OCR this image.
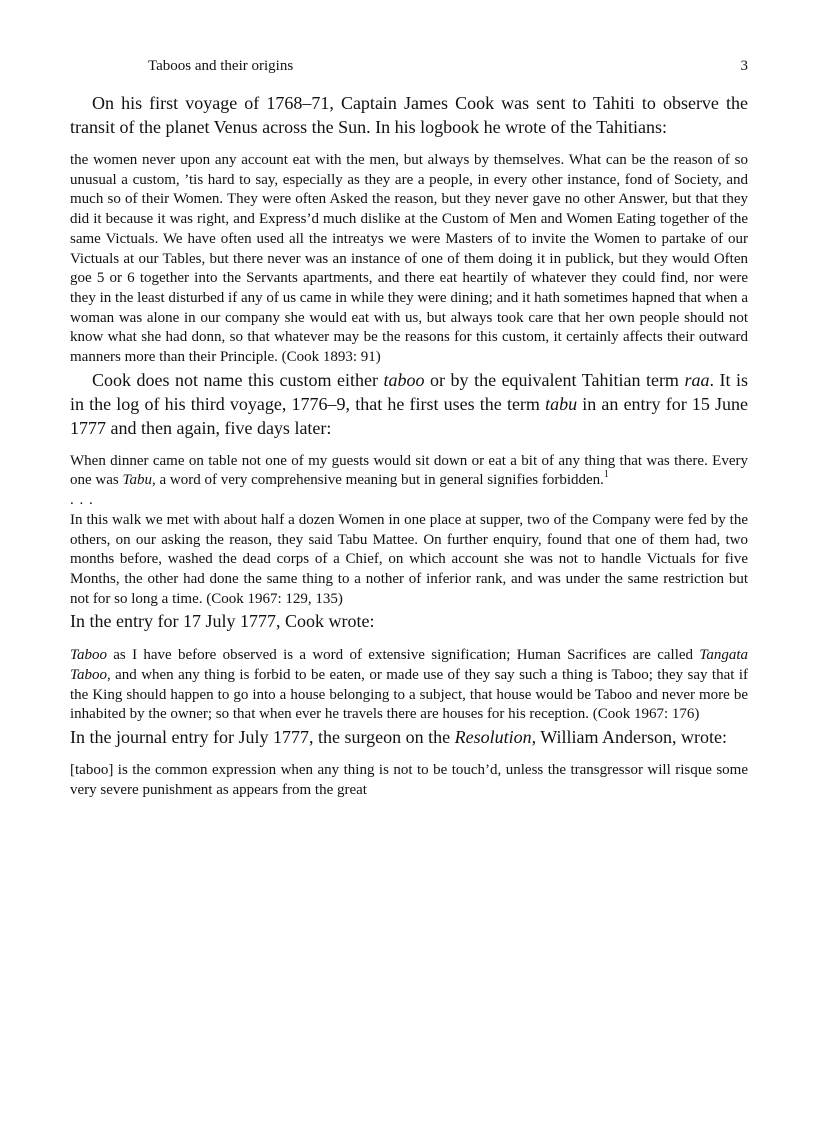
Taboos and their origins	3

On his first voyage of 1768–71, Captain James Cook was sent to Tahiti to observe the transit of the planet Venus across the Sun. In his logbook he wrote of the Tahitians:

the women never upon any account eat with the men, but always by themselves. What can be the reason of so unusual a custom, ’tis hard to say, especially as they are a people, in every other instance, fond of Society, and much so of their Women. They were often Asked the reason, but they never gave no other Answer, but that they did it because it was right, and Express’d much dislike at the Custom of Men and Women Eating together of the same Victuals. We have often used all the intreatys we were Masters of to invite the Women to partake of our Victuals at our Tables, but there never was an instance of one of them doing it in publick, but they would Often goe 5 or 6 together into the Servants apartments, and there eat heartily of whatever they could find, nor were they in the least disturbed if any of us came in while they were dining; and it hath sometimes hapned that when a woman was alone in our company she would eat with us, but always took care that her own people should not know what she had donn, so that whatever may be the reasons for this custom, it certainly affects their outward manners more than their Principle. (Cook 1893: 91)

Cook does not name this custom either taboo or by the equivalent Tahitian term raa. It is in the log of his third voyage, 1776–9, that he first uses the term tabu in an entry for 15 June 1777 and then again, five days later:

When dinner came on table not one of my guests would sit down or eat a bit of any thing that was there. Every one was Tabu, a word of very comprehensive meaning but in general signifies forbidden.$^1$

. . .

In this walk we met with about half a dozen Women in one place at supper, two of the Company were fed by the others, on our asking the reason, they said Tabu Mattee. On further enquiry, found that one of them had, two months before, washed the dead corps of a Chief, on which account she was not to handle Victuals for five Months, the other had done the same thing to a nother of inferior rank, and was under the same restriction but not for so long a time. (Cook 1967: 129, 135)

In the entry for 17 July 1777, Cook wrote:

Taboo as I have before observed is a word of extensive signification; Human Sacrifices are called Tangata Taboo, and when any thing is forbid to be eaten, or made use of they say such a thing is Taboo; they say that if the King should happen to go into a house belonging to a subject, that house would be Taboo and never more be inhabited by the owner; so that when ever he travels there are houses for his reception. (Cook 1967: 176)

In the journal entry for July 1777, the surgeon on the Resolution, William Anderson, wrote:

[taboo] is the common expression when any thing is not to be touch’d, unless the transgressor will risque some very severe punishment as appears from the great
